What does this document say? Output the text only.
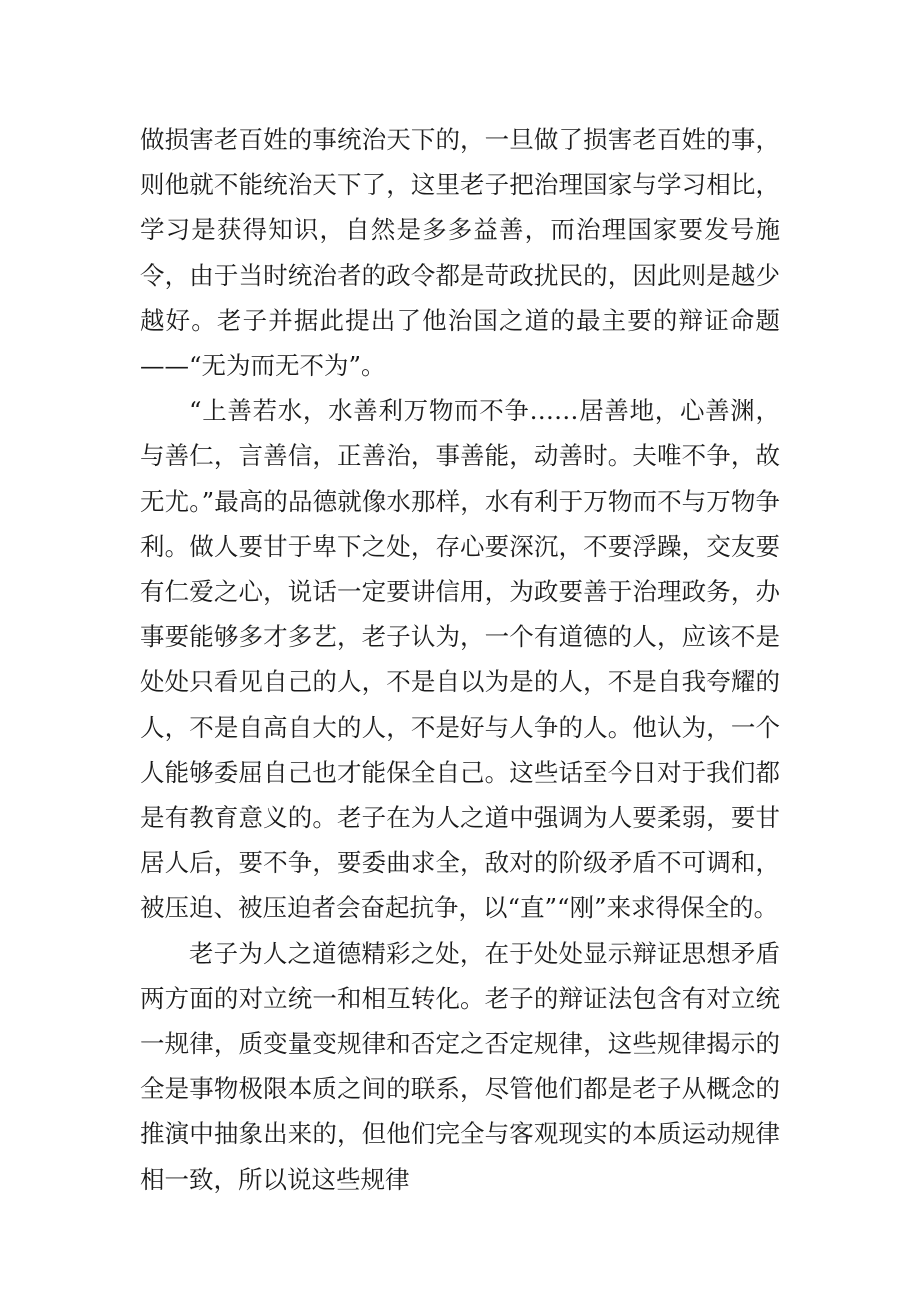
做损害老百姓的事统治天下的，一旦做了损害老百姓的事，则他就不能统治天下了，这里老子把治理国家与学习相比，学习是获得知识，自然是多多益善，而治理国家要发号施令，由于当时统治者的政令都是苛政扰民的，因此则是越少越好。老子并据此提出了他治国之道的最主要的辩证命题——“无为而无不为”。

“上善若水，水善利万物而不争……居善地，心善渊，与善仁，言善信，正善治，事善能，动善时。夫唯不争，故无尤。”最高的品德就像水那样，水有利于万物而不与万物争利。做人要甘于卑下之处，存心要深沉，不要浮躁，交友要有仁爱之心，说话一定要讲信用，为政要善于治理政务，办事要能够多才多艺，老子认为，一个有道德的人，应该不是处处只看见自己的人，不是自以为是的人，不是自我夸耀的人，不是自高自大的人，不是好与人争的人。他认为，一个人能够委屈自己也才能保全自己。这些话至今日对于我们都是有教育意义的。老子在为人之道中强调为人要柔弱，要甘居人后，要不争，要委曲求全，敌对的阶级矛盾不可调和，被压迫、被压迫者会奋起抗争，以“直”“刚”来求得保全的。

老子为人之道德精彩之处，在于处处显示辩证思想矛盾两方面的对立统一和相互转化。老子的辩证法包含有对立统一规律，质变量变规律和否定之否定规律，这些规律揭示的全是事物极限本质之间的联系，尽管他们都是老子从概念的推演中抽象出来的，但他们完全与客观现实的本质运动规律相一致，所以说这些规律
